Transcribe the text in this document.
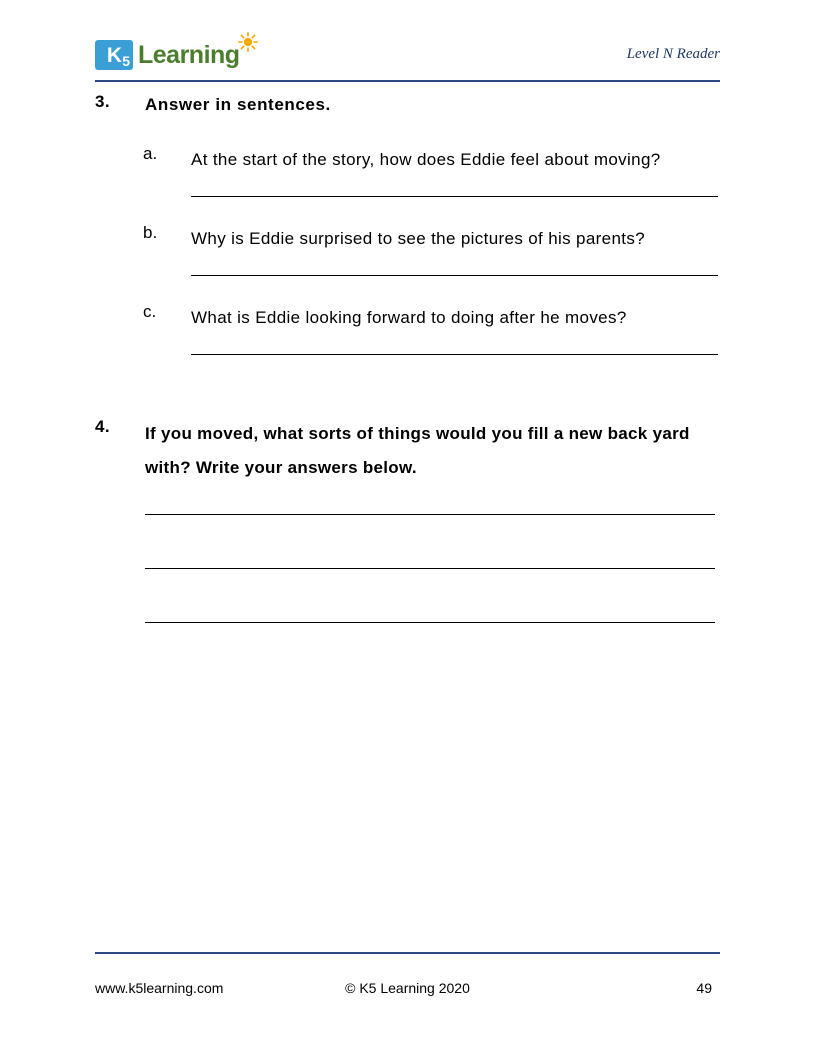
K 5 Learning	Level N Reader
3. Answer in sentences.
a. At the start of the story, how does Eddie feel about moving?
b. Why is Eddie surprised to see the pictures of his parents?
c. What is Eddie looking forward to doing after he moves?
4. If you moved, what sorts of things would you fill a new back yard with? Write your answers below.
www.k5learning.com	© K5 Learning 2020	49
